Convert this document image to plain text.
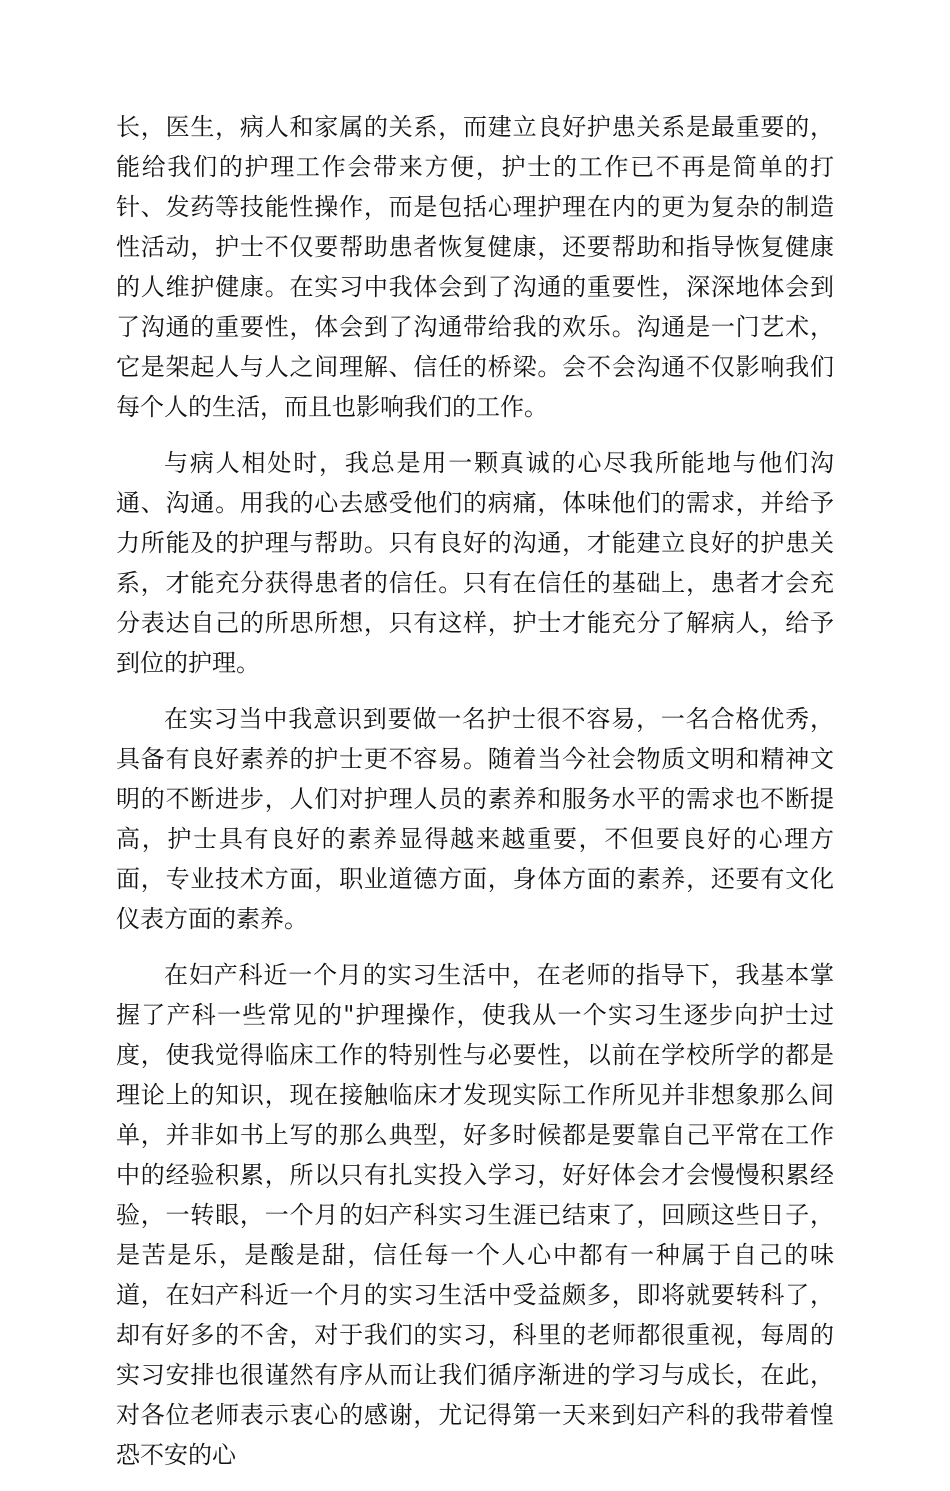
长，医生，病人和家属的关系，而建立良好护患关系是最重要的，能给我们的护理工作会带来方便，护士的工作已不再是简单的打针、发药等技能性操作，而是包括心理护理在内的更为复杂的制造性活动，护士不仅要帮助患者恢复健康，还要帮助和指导恢复健康的人维护健康。在实习中我体会到了沟通的重要性，深深地体会到了沟通的重要性，体会到了沟通带给我的欢乐。沟通是一门艺术，它是架起人与人之间理解、信任的桥梁。会不会沟通不仅影响我们每个人的生活，而且也影响我们的工作。

与病人相处时，我总是用一颗真诚的心尽我所能地与他们沟通、沟通。用我的心去感受他们的病痛，体味他们的需求，并给予力所能及的护理与帮助。只有良好的沟通，才能建立良好的护患关系，才能充分获得患者的信任。只有在信任的基础上，患者才会充分表达自己的所思所想，只有这样，护士才能充分了解病人，给予到位的护理。

在实习当中我意识到要做一名护士很不容易，一名合格优秀，具备有良好素养的护士更不容易。随着当今社会物质文明和精神文明的不断进步，人们对护理人员的素养和服务水平的需求也不断提高，护士具有良好的素养显得越来越重要，不但要良好的心理方面，专业技术方面，职业道德方面，身体方面的素养，还要有文化仪表方面的素养。

在妇产科近一个月的实习生活中，在老师的指导下，我基本掌握了产科一些常见的"护理操作，使我从一个实习生逐步向护士过度，使我觉得临床工作的特别性与必要性，以前在学校所学的都是理论上的知识，现在接触临床才发现实际工作所见并非想象那么间单，并非如书上写的那么典型，好多时候都是要靠自己平常在工作中的经验积累，所以只有扎实投入学习，好好体会才会慢慢积累经验，一转眼，一个月的妇产科实习生涯已结束了，回顾这些日子，是苦是乐，是酸是甜，信任每一个人心中都有一种属于自己的味道，在妇产科近一个月的实习生活中受益颇多，即将就要转科了，却有好多的不舍，对于我们的实习，科里的老师都很重视，每周的实习安排也很谨然有序从而让我们循序渐进的学习与成长，在此，对各位老师表示衷心的感谢，尤记得第一天来到妇产科的我带着惶恐不安的心
